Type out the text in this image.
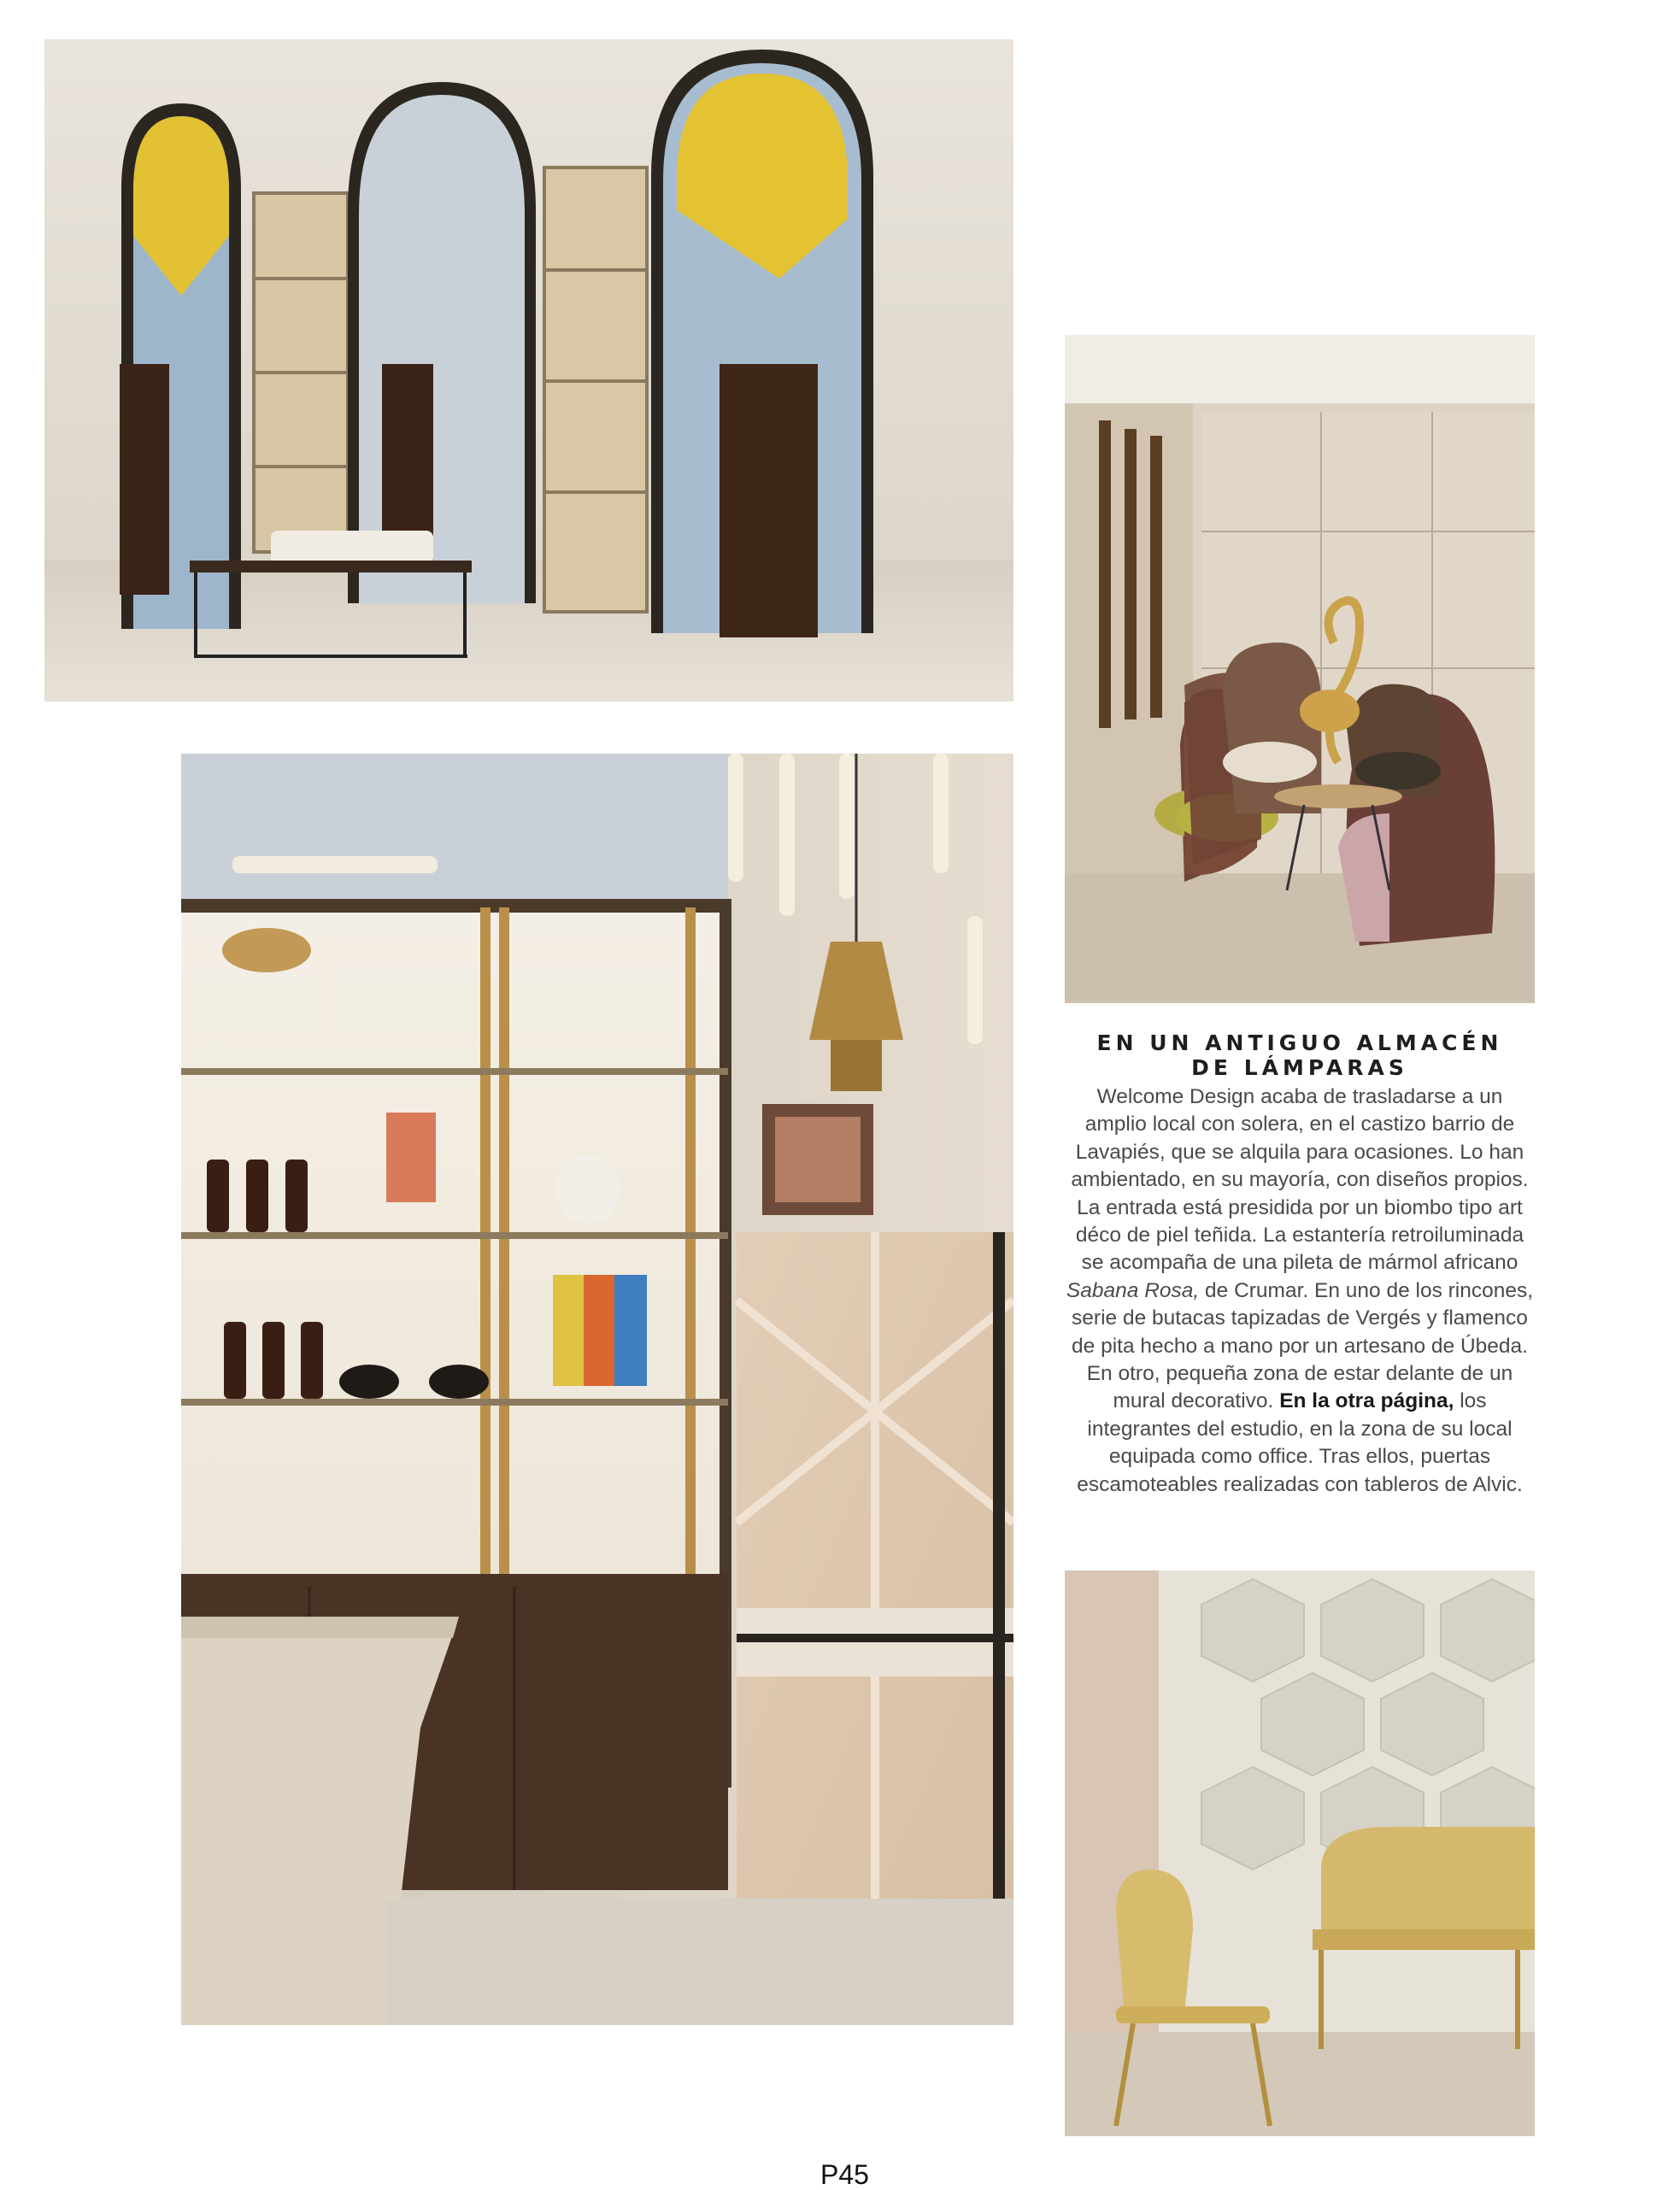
EN UN ANTIGUO ALMACÉN
DE LÁMPARAS

Welcome Design acaba de trasladarse a un amplio local con solera, en el castizo barrio de Lavapiés, que se alquila para ocasiones. Lo han ambientado, en su mayoría, con diseños propios. La entrada está presidida por un biombo tipo art déco de piel teñida. La estantería retroiluminada se acompaña de una pileta de mármol africano Sabana Rosa, de Crumar. En uno de los rincones, serie de butacas tapizadas de Vergés y flamenco de pita hecho a mano por un artesano de Úbeda. En otro, pequeña zona de estar delante de un mural decorativo. En la otra página, los integrantes del estudio, en la zona de su local equipada como office. Tras ellos, puertas escamoteables realizadas con tableros de Alvic.

P45
